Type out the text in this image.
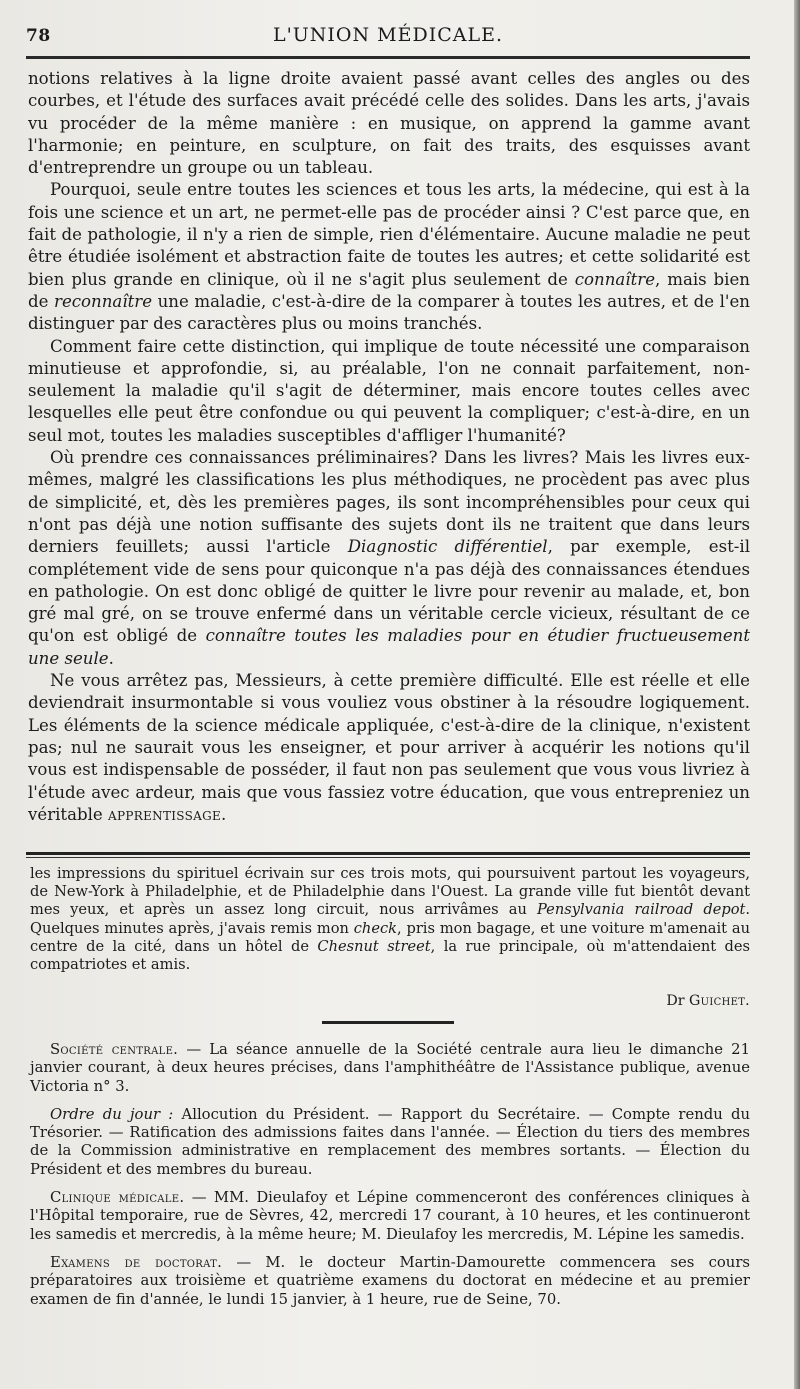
78	L'UNION MÉDICALE.

notions relatives à la ligne droite avaient passé avant celles des angles ou des courbes, et l'étude des surfaces avait précédé celle des solides. Dans les arts, j'avais vu procéder de la même manière : en musique, on apprend la gamme avant l'harmonie; en peinture, en sculpture, on fait des traits, des esquisses avant d'entreprendre un groupe ou un tableau.

Pourquoi, seule entre toutes les sciences et tous les arts, la médecine, qui est à la fois une science et un art, ne permet-elle pas de procéder ainsi ? C'est parce que, en fait de pathologie, il n'y a rien de simple, rien d'élémentaire. Aucune maladie ne peut être étudiée isolément et abstraction faite de toutes les autres; et cette solidarité est bien plus grande en clinique, où il ne s'agit plus seulement de connaître, mais bien de reconnaître une maladie, c'est-à-dire de la comparer à toutes les autres, et de l'en distinguer par des caractères plus ou moins tranchés.

Comment faire cette distinction, qui implique de toute nécessité une comparaison minutieuse et approfondie, si, au préalable, l'on ne connait parfaitement, non-seulement la maladie qu'il s'agit de déterminer, mais encore toutes celles avec lesquelles elle peut être confondue ou qui peuvent la compliquer; c'est-à-dire, en un seul mot, toutes les maladies susceptibles d'affliger l'humanité?

Où prendre ces connaissances préliminaires? Dans les livres? Mais les livres eux-mêmes, malgré les classifications les plus méthodiques, ne procèdent pas avec plus de simplicité, et, dès les premières pages, ils sont incompréhensibles pour ceux qui n'ont pas déjà une notion suffisante des sujets dont ils ne traitent que dans leurs derniers feuillets; aussi l'article Diagnostic différentiel, par exemple, est-il complétement vide de sens pour quiconque n'a pas déjà des connaissances étendues en pathologie. On est donc obligé de quitter le livre pour revenir au malade, et, bon gré mal gré, on se trouve enfermé dans un véritable cercle vicieux, résultant de ce qu'on est obligé de connaître toutes les maladies pour en étudier fructueusement une seule.

Ne vous arrêtez pas, Messieurs, à cette première difficulté. Elle est réelle et elle deviendrait insurmontable si vous vouliez vous obstiner à la résoudre logiquement. Les éléments de la science médicale appliquée, c'est-à-dire de la clinique, n'existent pas; nul ne saurait vous les enseigner, et pour arriver à acquérir les notions qu'il vous est indispensable de posséder, il faut non pas seulement que vous vous livriez à l'étude avec ardeur, mais que vous fassiez votre éducation, que vous entrepreniez un véritable apprentissage.

les impressions du spirituel écrivain sur ces trois mots, qui poursuivent partout les voyageurs, de New-York à Philadelphie, et de Philadelphie dans l'Ouest. La grande ville fut bientôt devant mes yeux, et après un assez long circuit, nous arrivâmes au Pensylvania railroad depot. Quelques minutes après, j'avais remis mon check, pris mon bagage, et une voiture m'amenait au centre de la cité, dans un hôtel de Chesnut street, la rue principale, où m'attendaient des compatriotes et amis.

Dr Guichet.

Société centrale. — La séance annuelle de la Société centrale aura lieu le dimanche 21 janvier courant, à deux heures précises, dans l'amphithéâtre de l'Assistance publique, avenue Victoria n° 3.

Ordre du jour : Allocution du Président. — Rapport du Secrétaire. — Compte rendu du Trésorier. — Ratification des admissions faites dans l'année. — Élection du tiers des membres de la Commission administrative en remplacement des membres sortants. — Élection du Président et des membres du bureau.

Clinique médicale. — MM. Dieulafoy et Lépine commenceront des conférences cliniques à l'Hôpital temporaire, rue de Sèvres, 42, mercredi 17 courant, à 10 heures, et les continueront les samedis et mercredis, à la même heure; M. Dieulafoy les mercredis, M. Lépine les samedis.

Examens de doctorat. — M. le docteur Martin-Damourette commencera ses cours préparatoires aux troisième et quatrième examens du doctorat en médecine et au premier examen de fin d'année, le lundi 15 janvier, à 1 heure, rue de Seine, 70.
